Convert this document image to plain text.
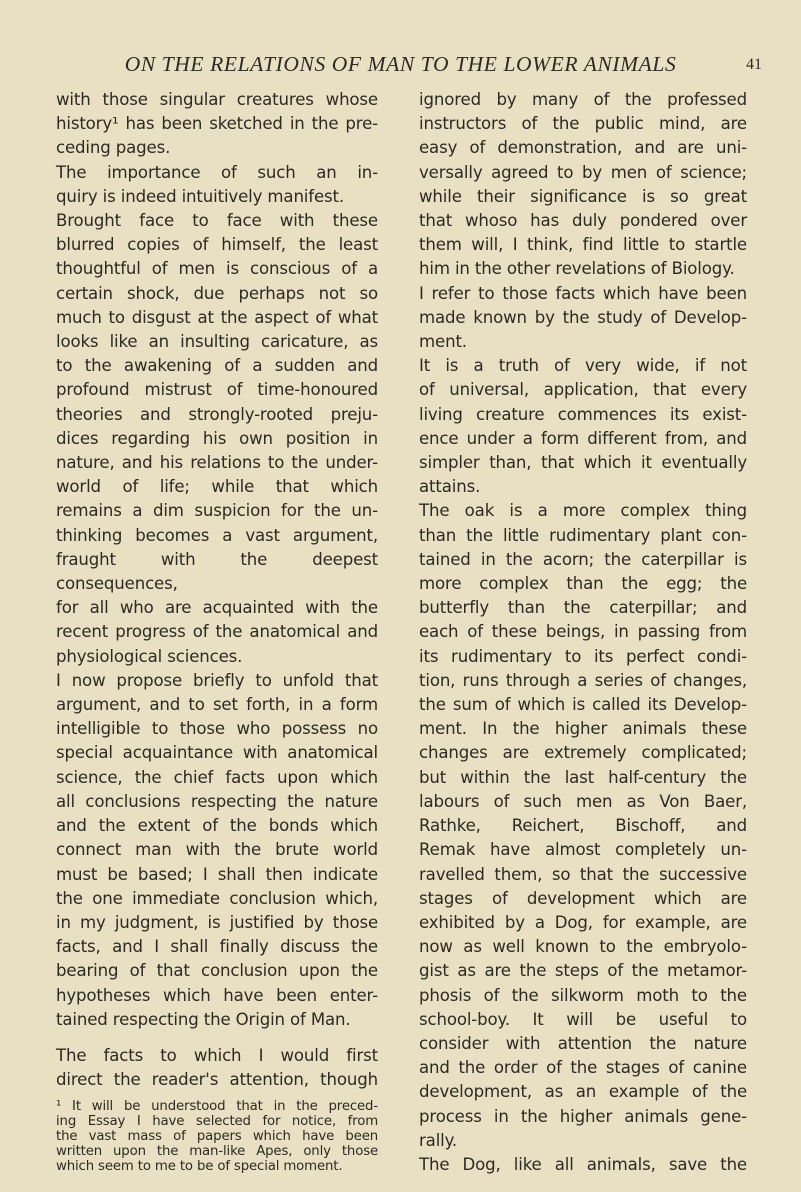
ON THE RELATIONS OF MAN TO THE LOWER ANIMALS	41
with those singular creatures whose
history¹ has been sketched in the pre-
ceding pages.
The importance of such an in-
quiry is indeed intuitively manifest.
Brought face to face with these
blurred copies of himself, the least
thoughtful of men is conscious of a
certain shock, due perhaps not so
much to disgust at the aspect of what
looks like an insulting caricature, as
to the awakening of a sudden and
profound mistrust of time-honoured
theories and strongly-rooted preju-
dices regarding his own position in
nature, and his relations to the under-
world of life; while that which
remains a dim suspicion for the un-
thinking becomes a vast argument,
fraught with the deepest consequences,
for all who are acquainted with the
recent progress of the anatomical and
physiological sciences.
I now propose briefly to unfold that
argument, and to set forth, in a form
intelligible to those who possess no
special acquaintance with anatomical
science, the chief facts upon which
all conclusions respecting the nature
and the extent of the bonds which
connect man with the brute world
must be based; I shall then indicate
the one immediate conclusion which,
in my judgment, is justified by those
facts, and I shall finally discuss the
bearing of that conclusion upon the
hypotheses which have been enter-
tained respecting the Origin of Man.
The facts to which I would first
direct the reader's attention, though
¹ It will be understood that in the preced-
ing Essay I have selected for notice, from
the vast mass of papers which have been
written upon the man-like Apes, only those
which seem to me to be of special moment.
ignored by many of the professed
instructors of the public mind, are
easy of demonstration, and are uni-
versally agreed to by men of science;
while their significance is so great
that whoso has duly pondered over
them will, I think, find little to startle
him in the other revelations of Biology.
I refer to those facts which have been
made known by the study of Develop-
ment.
It is a truth of very wide, if not
of universal, application, that every
living creature commences its exist-
ence under a form different from, and
simpler than, that which it eventually
attains.
The oak is a more complex thing
than the little rudimentary plant con-
tained in the acorn; the caterpillar is
more complex than the egg; the
butterfly than the caterpillar; and
each of these beings, in passing from
its rudimentary to its perfect condi-
tion, runs through a series of changes,
the sum of which is called its Develop-
ment. In the higher animals these
changes are extremely complicated;
but within the last half-century the
labours of such men as Von Baer,
Rathke, Reichert, Bischoff, and
Remak have almost completely un-
ravelled them, so that the successive
stages of development which are
exhibited by a Dog, for example, are
now as well known to the embryolo-
gist as are the steps of the metamor-
phosis of the silkworm moth to the
school-boy. It will be useful to
consider with attention the nature
and the order of the stages of canine
development, as an example of the
process in the higher animals gene-
rally.
The Dog, like all animals, save the
